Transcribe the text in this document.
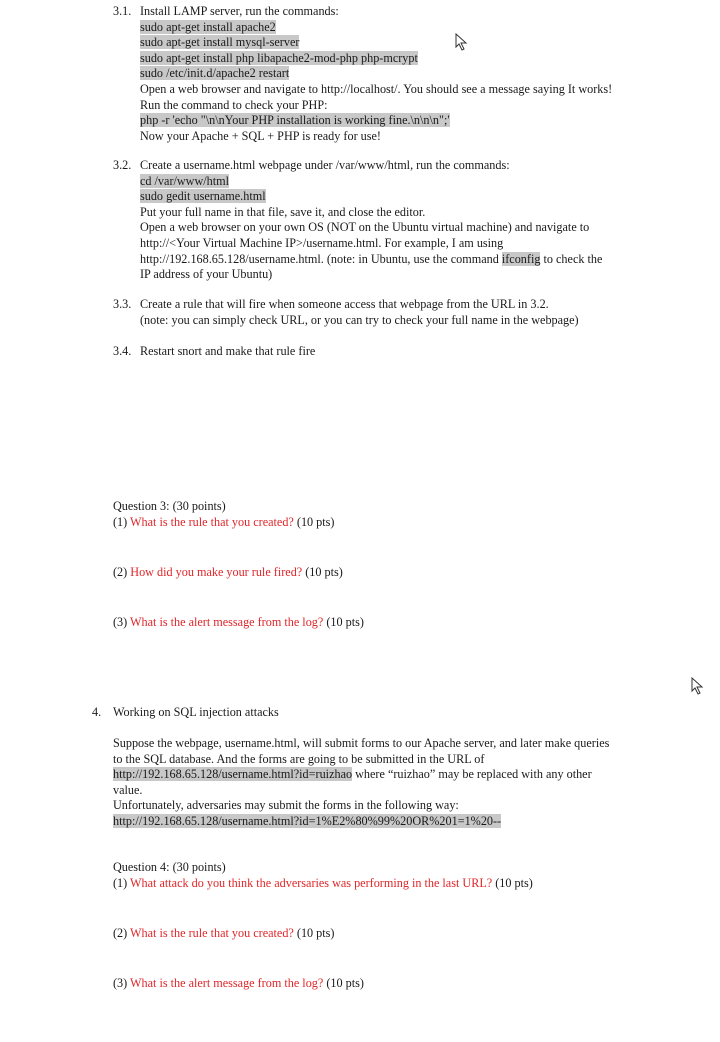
3.1. Install LAMP server, run the commands:
sudo apt-get install apache2
sudo apt-get install mysql-server
sudo apt-get install php libapache2-mod-php php-mcrypt
sudo /etc/init.d/apache2 restart
Open a web browser and navigate to http://localhost/. You should see a message saying It works!
Run the command to check your PHP:
php -r 'echo "\n\nYour PHP installation is working fine.\n\n\n";'
Now your Apache + SQL + PHP is ready for use!
3.2. Create a username.html webpage under /var/www/html, run the commands:
cd /var/www/html
sudo gedit username.html
Put your full name in that file, save it, and close the editor.
Open a web browser on your own OS (NOT on the Ubuntu virtual machine) and navigate to
http://<Your Virtual Machine IP>/username.html. For example, I am using
http://192.168.65.128/username.html. (note: in Ubuntu, use the command ifconfig to check the
IP address of your Ubuntu)
3.3. Create a rule that will fire when someone access that webpage from the URL in 3.2.
(note: you can simply check URL, or you can try to check your full name in the webpage)
3.4. Restart snort and make that rule fire
Question 3: (30 points)
(1) What is the rule that you created? (10 pts)
(2) How did you make your rule fired? (10 pts)
(3) What is the alert message from the log? (10 pts)
4. Working on SQL injection attacks
Suppose the webpage, username.html, will submit forms to our Apache server, and later make queries
to the SQL database. And the forms are going to be submitted in the URL of
http://192.168.65.128/username.html?id=ruizhao where “ruizhao” may be replaced with any other
value.
Unfortunately, adversaries may submit the forms in the following way:
http://192.168.65.128/username.html?id=1%E2%80%99%20OR%201=1%20--
Question 4: (30 points)
(1) What attack do you think the adversaries was performing in the last URL? (10 pts)
(2) What is the rule that you created? (10 pts)
(3) What is the alert message from the log? (10 pts)
